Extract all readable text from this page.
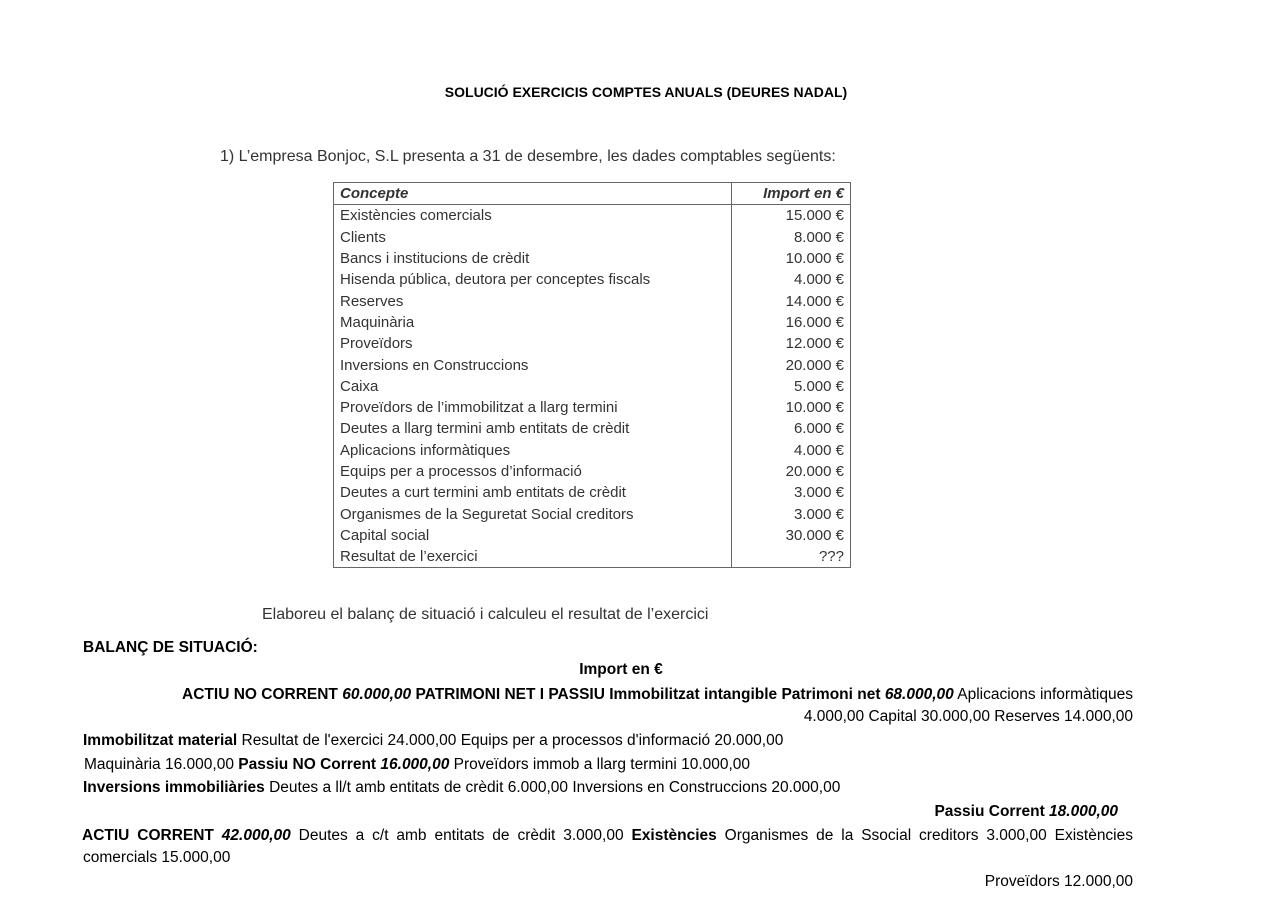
SOLUCIÓ EXERCICIS COMPTES ANUALS (DEURES NADAL)
1) L’empresa Bonjoc, S.L presenta a 31 de desembre, les dades comptables següents:
Concepte	Import en €
Existències comercials	15.000 €
Clients	8.000 €
Bancs i institucions de crèdit	10.000 €
Hisenda pública, deutora per conceptes fiscals	4.000 €
Reserves	14.000 €
Maquinària	16.000 €
Proveïdors	12.000 €
Inversions en Construccions	20.000 €
Caixa	5.000 €
Proveïdors de l’immobilitzat a llarg termini	10.000 €
Deutes a llarg termini amb entitats de crèdit	6.000 €
Aplicacions informàtiques	4.000 €
Equips per a processos d’informació	20.000 €
Deutes a curt termini amb entitats de crèdit	3.000 €
Organismes de la Seguretat Social creditors	3.000 €
Capital social	30.000 €
Resultat de l’exercici	???
Elaboreu el balanç de situació i calculeu el resultat de l’exercici
BALANÇ DE SITUACIÓ:
Import en €
ACTIU NO CORRENT 60.000,00 PATRIMONI NET I PASSIU Immobilitzat intangible Patrimoni net 68.000,00 Aplicacions informàtiques
4.000,00 Capital 30.000,00 Reserves 14.000,00
Immobilitzat material Resultat de l'exercici 24.000,00 Equips per a processos d'informació 20.000,00
Maquinària 16.000,00 Passiu NO Corrent 16.000,00 Proveïdors immob a llarg termini 10.000,00
Inversions immobiliàries Deutes a ll/t amb entitats de crèdit 6.000,00 Inversions en Construccions 20.000,00
Passiu Corrent 18.000,00
ACTIU CORRENT 42.000,00 Deutes a c/t amb entitats de crèdit 3.000,00 Existències Organismes de la Ssocial creditors 3.000,00 Existències
comercials 15.000,00
Proveïdors 12.000,00
